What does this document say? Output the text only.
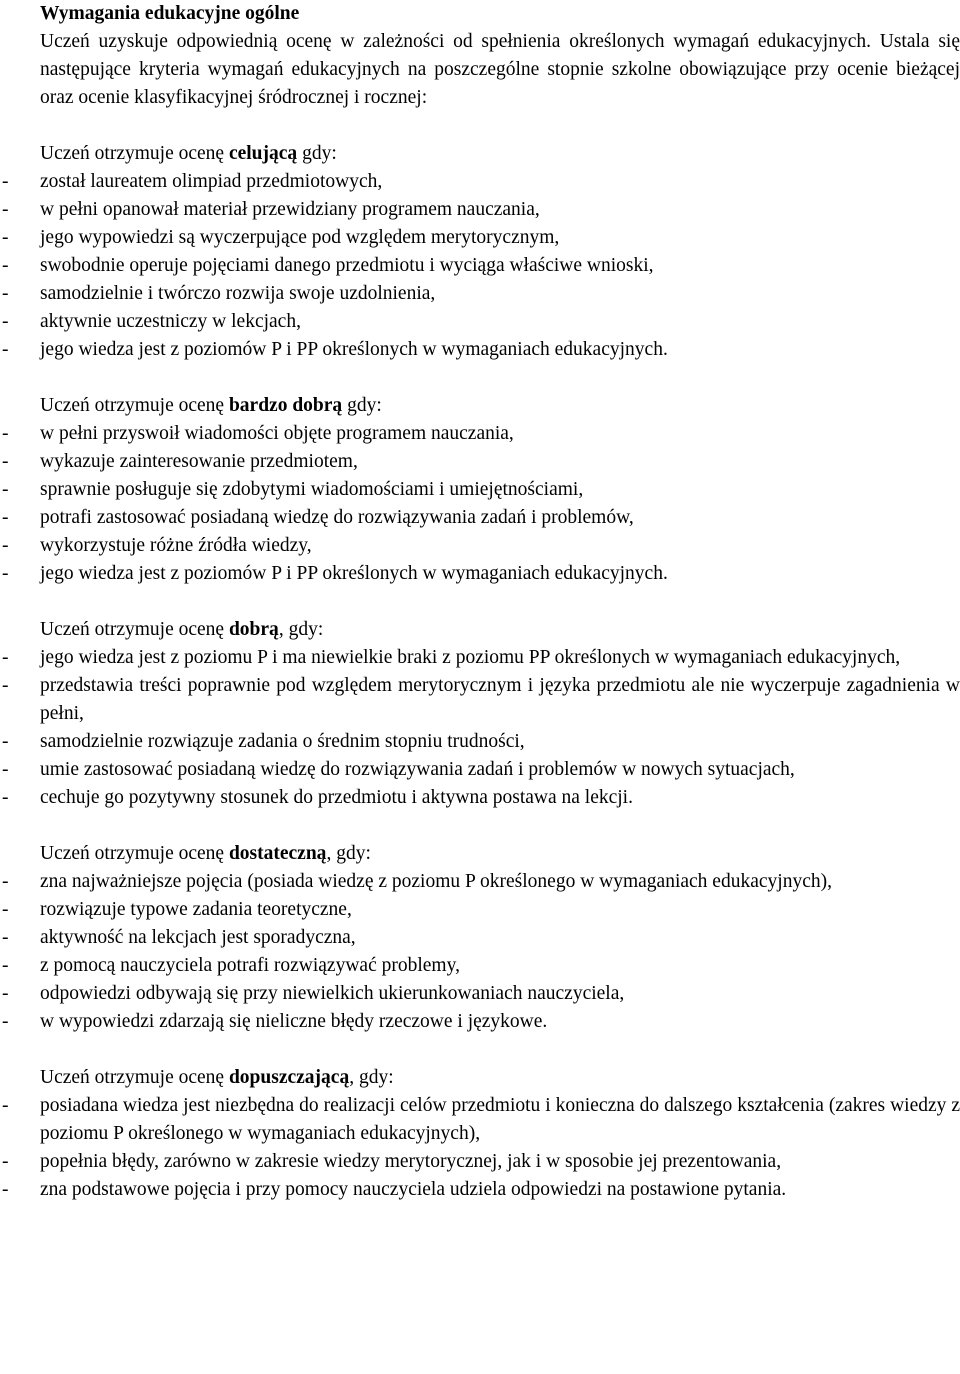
Wymagania edukacyjne ogólne
Uczeń uzyskuje odpowiednią ocenę w zależności od spełnienia określonych wymagań edukacyjnych. Ustala się następujące kryteria wymagań edukacyjnych na poszczególne stopnie szkolne obowiązujące przy ocenie bieżącej oraz ocenie klasyfikacyjnej śródrocznej i rocznej:
Uczeń otrzymuje ocenę celującą gdy:
- został laureatem olimpiad przedmiotowych,
- w pełni opanował materiał przewidziany programem nauczania,
- jego wypowiedzi są wyczerpujące pod względem merytorycznym,
- swobodnie operuje pojęciami danego przedmiotu i wyciąga właściwe wnioski,
- samodzielnie i twórczo rozwija swoje uzdolnienia,
- aktywnie uczestniczy w lekcjach,
- jego wiedza jest z poziomów P i PP określonych w wymaganiach edukacyjnych.
Uczeń otrzymuje ocenę bardzo dobrą gdy:
- w pełni przyswoił wiadomości objęte programem nauczania,
- wykazuje zainteresowanie przedmiotem,
- sprawnie posługuje się zdobytymi wiadomościami i umiejętnościami,
- potrafi zastosować posiadaną wiedzę do rozwiązywania zadań i problemów,
- wykorzystuje różne źródła wiedzy,
- jego wiedza jest z poziomów P i PP określonych w wymaganiach edukacyjnych.
Uczeń otrzymuje ocenę dobrą, gdy:
- jego wiedza jest z poziomu P i ma niewielkie braki z poziomu PP określonych w wymaganiach edukacyjnych,
- przedstawia treści poprawnie pod względem merytorycznym i języka przedmiotu ale nie wyczerpuje zagadnienia w pełni,
- samodzielnie rozwiązuje zadania o średnim stopniu trudności,
- umie zastosować posiadaną wiedzę do rozwiązywania zadań i problemów w nowych sytuacjach,
- cechuje go pozytywny stosunek do przedmiotu i aktywna postawa na lekcji.
Uczeń otrzymuje ocenę dostateczną, gdy:
- zna najważniejsze pojęcia (posiada wiedzę z poziomu P określonego w wymaganiach edukacyjnych),
- rozwiązuje typowe zadania teoretyczne,
- aktywność na lekcjach jest sporadyczna,
- z pomocą nauczyciela potrafi rozwiązywać problemy,
- odpowiedzi odbywają się przy niewielkich ukierunkowaniach nauczyciela,
- w wypowiedzi zdarzają się nieliczne błędy rzeczowe i językowe.
Uczeń otrzymuje ocenę dopuszczającą, gdy:
- posiadana wiedza jest niezbędna do realizacji celów przedmiotu i konieczna do dalszego kształcenia (zakres wiedzy z poziomu P określonego w wymaganiach edukacyjnych),
- popełnia błędy, zarówno w zakresie wiedzy merytorycznej, jak i w sposobie jej prezentowania,
- zna podstawowe pojęcia i przy pomocy nauczyciela udziela odpowiedzi na postawione pytania.
